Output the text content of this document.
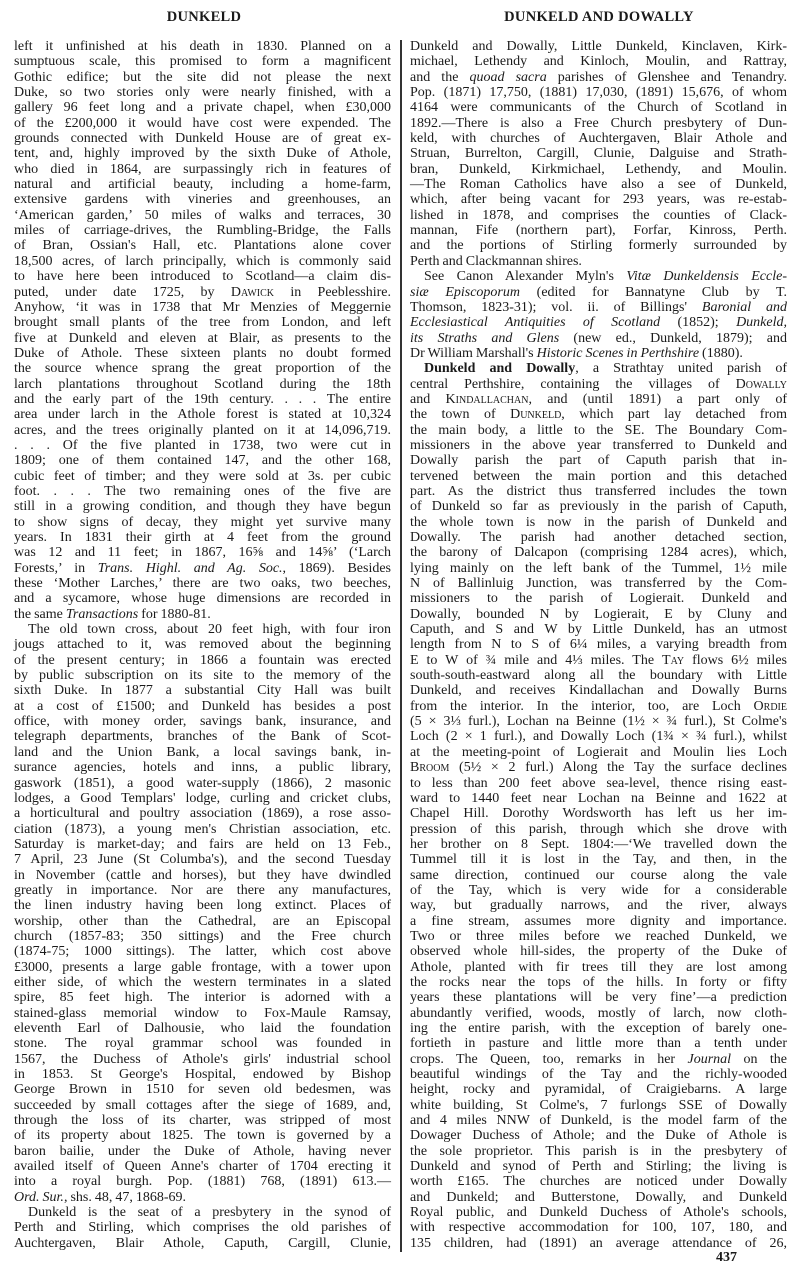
DUNKELD	DUNKELD AND DOWALLY
left it unfinished at his death in 1830. Planned on a
sumptuous scale, this promised to form a magnificent
Gothic edifice; but the site did not please the next
Duke, so two stories only were nearly finished, with a
gallery 96 feet long and a private chapel, when £30,000
of the £200,000 it would have cost were expended. The
grounds connected with Dunkeld House are of great ex-
tent, and, highly improved by the sixth Duke of Athole,
who died in 1864, are surpassingly rich in features of
natural and artificial beauty, including a home-farm,
extensive gardens with vineries and greenhouses, an
‘American garden,’ 50 miles of walks and terraces, 30
miles of carriage-drives, the Rumbling-Bridge, the Falls
of Bran, Ossian's Hall, etc. Plantations alone cover
18,500 acres, of larch principally, which is commonly said
to have here been introduced to Scotland—a claim dis-
puted, under date 1725, by Dawick in Peeblesshire.
Anyhow, ‘it was in 1738 that Mr Menzies of Meggernie
brought small plants of the tree from London, and left
five at Dunkeld and eleven at Blair, as presents to the
Duke of Athole. These sixteen plants no doubt formed
the source whence sprang the great proportion of the
larch plantations throughout Scotland during the 18th
and the early part of the 19th century. . . . The entire
area under larch in the Athole forest is stated at 10,324
acres, and the trees originally planted on it at 14,096,719.
. . . Of the five planted in 1738, two were cut in
1809; one of them contained 147, and the other 168,
cubic feet of timber; and they were sold at 3s. per cubic
foot. . . . The two remaining ones of the five are
still in a growing condition, and though they have begun
to show signs of decay, they might yet survive many
years. In 1831 their girth at 4 feet from the ground
was 12 and 11 feet; in 1867, 16⅝ and 14⅝’ (‘Larch
Forests,’ in Trans. Highl. and Ag. Soc., 1869). Besides
these ‘Mother Larches,’ there are two oaks, two beeches,
and a sycamore, whose huge dimensions are recorded in
the same Transactions for 1880-81.
The old town cross, about 20 feet high, with four iron
jougs attached to it, was removed about the beginning
of the present century; in 1866 a fountain was erected
by public subscription on its site to the memory of the
sixth Duke. In 1877 a substantial City Hall was built
at a cost of £1500; and Dunkeld has besides a post
office, with money order, savings bank, insurance, and
telegraph departments, branches of the Bank of Scot-
land and the Union Bank, a local savings bank, in-
surance agencies, hotels and inns, a public library,
gaswork (1851), a good water-supply (1866), 2 masonic
lodges, a Good Templars' lodge, curling and cricket clubs,
a horticultural and poultry association (1869), a rose asso-
ciation (1873), a young men's Christian association, etc.
Saturday is market-day; and fairs are held on 13 Feb.,
7 April, 23 June (St Columba's), and the second Tuesday
in November (cattle and horses), but they have dwindled
greatly in importance. Nor are there any manufactures,
the linen industry having been long extinct. Places of
worship, other than the Cathedral, are an Episcopal
church (1857-83; 350 sittings) and the Free church
(1874-75; 1000 sittings). The latter, which cost above
£3000, presents a large gable frontage, with a tower upon
either side, of which the western terminates in a slated
spire, 85 feet high. The interior is adorned with a
stained-glass memorial window to Fox-Maule Ramsay,
eleventh Earl of Dalhousie, who laid the foundation
stone. The royal grammar school was founded in
1567, the Duchess of Athole's girls' industrial school
in 1853. St George's Hospital, endowed by Bishop
George Brown in 1510 for seven old bedesmen, was
succeeded by small cottages after the siege of 1689, and,
through the loss of its charter, was stripped of most
of its property about 1825. The town is governed by a
baron bailie, under the Duke of Athole, having never
availed itself of Queen Anne's charter of 1704 erecting it
into a royal burgh. Pop. (1881) 768, (1891) 613.—
Ord. Sur., shs. 48, 47, 1868-69.
Dunkeld is the seat of a presbytery in the synod of
Perth and Stirling, which comprises the old parishes of
Auchtergaven, Blair Athole, Caputh, Cargill, Clunie,
Dunkeld and Dowally, Little Dunkeld, Kinclaven, Kirk-
michael, Lethendy and Kinloch, Moulin, and Rattray,
and the quoad sacra parishes of Glenshee and Tenandry.
Pop. (1871) 17,750, (1881) 17,030, (1891) 15,676, of whom
4164 were communicants of the Church of Scotland in
1892.—There is also a Free Church presbytery of Dun-
keld, with churches of Auchtergaven, Blair Athole and
Struan, Burrelton, Cargill, Clunie, Dalguise and Strath-
bran, Dunkeld, Kirkmichael, Lethendy, and Moulin.
—The Roman Catholics have also a see of Dunkeld,
which, after being vacant for 293 years, was re-estab-
lished in 1878, and comprises the counties of Clack-
mannan, Fife (northern part), Forfar, Kinross, Perth.
and the portions of Stirling formerly surrounded by
Perth and Clackmannan shires.
See Canon Alexander Myln's Vitæ Dunkeldensis Eccle-
siæ Episcoporum (edited for Bannatyne Club by T.
Thomson, 1823-31); vol. ii. of Billings' Baronial and
Ecclesiastical Antiquities of Scotland (1852); Dunkeld,
its Straths and Glens (new ed., Dunkeld, 1879); and
Dr William Marshall's Historic Scenes in Perthshire (1880).
Dunkeld and Dowally, a Strathtay united parish of
central Perthshire, containing the villages of Dowally
and Kindallachan, and (until 1891) a part only of
the town of Dunkeld, which part lay detached from
the main body, a little to the SE. The Boundary Com-
missioners in the above year transferred to Dunkeld and
Dowally parish the part of Caputh parish that in-
tervened between the main portion and this detached
part. As the district thus transferred includes the town
of Dunkeld so far as previously in the parish of Caputh,
the whole town is now in the parish of Dunkeld and
Dowally. The parish had another detached section,
the barony of Dalcapon (comprising 1284 acres), which,
lying mainly on the left bank of the Tummel, 1½ mile
N of Ballinluig Junction, was transferred by the Com-
missioners to the parish of Logierait. Dunkeld and
Dowally, bounded N by Logierait, E by Cluny and
Caputh, and S and W by Little Dunkeld, has an utmost
length from N to S of 6¼ miles, a varying breadth from
E to W of ¾ mile and 4⅓ miles. The Tay flows 6½ miles
south-south-eastward along all the boundary with Little
Dunkeld, and receives Kindallachan and Dowally Burns
from the interior. In the interior, too, are Loch Ordie
(5 × 3⅓ furl.), Lochan na Beinne (1½ × ¾ furl.), St Colme's
Loch (2 × 1 furl.), and Dowally Loch (1¾ × ¾ furl.), whilst
at the meeting-point of Logierait and Moulin lies Loch
Broom (5½ × 2 furl.) Along the Tay the surface declines
to less than 200 feet above sea-level, thence rising east-
ward to 1440 feet near Lochan na Beinne and 1622 at
Chapel Hill. Dorothy Wordsworth has left us her im-
pression of this parish, through which she drove with
her brother on 8 Sept. 1804:—‘We travelled down the
Tummel till it is lost in the Tay, and then, in the
same direction, continued our course along the vale
of the Tay, which is very wide for a considerable
way, but gradually narrows, and the river, always
a fine stream, assumes more dignity and importance.
Two or three miles before we reached Dunkeld, we
observed whole hill-sides, the property of the Duke of
Athole, planted with fir trees till they are lost among
the rocks near the tops of the hills. In forty or fifty
years these plantations will be very fine’—a prediction
abundantly verified, woods, mostly of larch, now cloth-
ing the entire parish, with the exception of barely one-
fortieth in pasture and little more than a tenth under
crops. The Queen, too, remarks in her Journal on the
beautiful windings of the Tay and the richly-wooded
height, rocky and pyramidal, of Craigiebarns. A large
white building, St Colme's, 7 furlongs SSE of Dowally
and 4 miles NNW of Dunkeld, is the model farm of the
Dowager Duchess of Athole; and the Duke of Athole is
the sole proprietor. This parish is in the presbytery of
Dunkeld and synod of Perth and Stirling; the living is
worth £165. The churches are noticed under Dowally
and Dunkeld; and Butterstone, Dowally, and Dunkeld
Royal public, and Dunkeld Duchess of Athole's schools,
with respective accommodation for 100, 107, 180, and
135 children, had (1891) an average attendance of 26,
437
